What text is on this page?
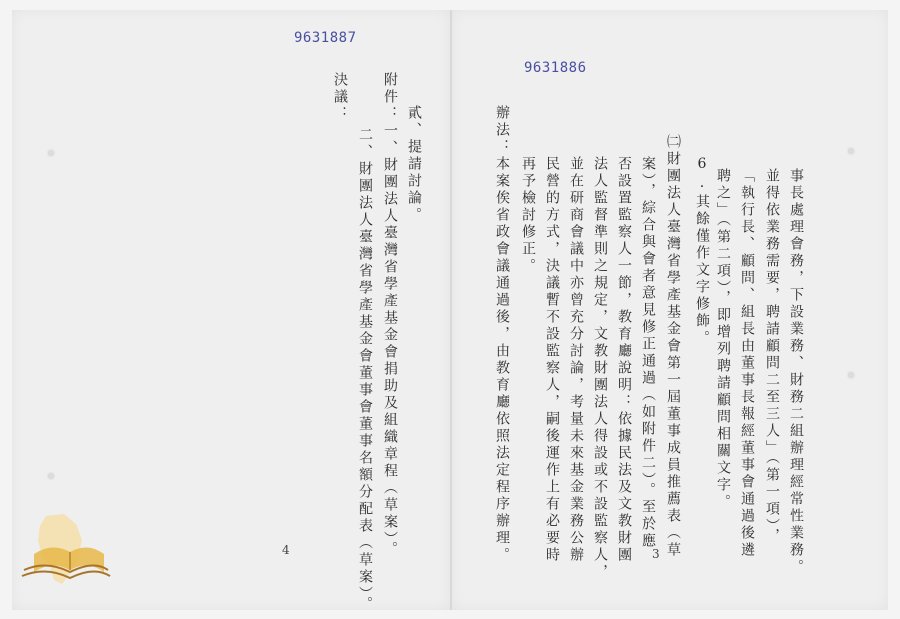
9631887
貳、提請討論。
附件：一、財團法人臺灣省學產基金會捐助及組織章程（草案）。
二、財團法人臺灣省學產基金會董事會董事名額分配表（草案）。
決議：
4
9631886
事長處理會務，下設業務、財務二組辦理經常性業務。
並得依業務需要，聘請顧問二至三人」（第一項），
「執行長、顧問、組長由董事長報經董事會通過後遴
聘之」（第二項），即增列聘請顧問相關文字。
6.其餘僅作文字修飾。
㈡財團法人臺灣省學產基金會第一屆董事成員推薦表（草
案），綜合與會者意見修正通過（如附件二）。至於應
否設置監察人一節，教育廳說明：依據民法及文教財團
法人監督準則之規定，文教財團法人得設或不設監察人，
並在研商會議中亦曾充分討論，考量未來基金業務公辦
民營的方式，決議暫不設監察人，嗣後運作上有必要時
再予檢討修正。
辦法：本案俟省政會議通過後，由教育廳依照法定程序辦理。	3
